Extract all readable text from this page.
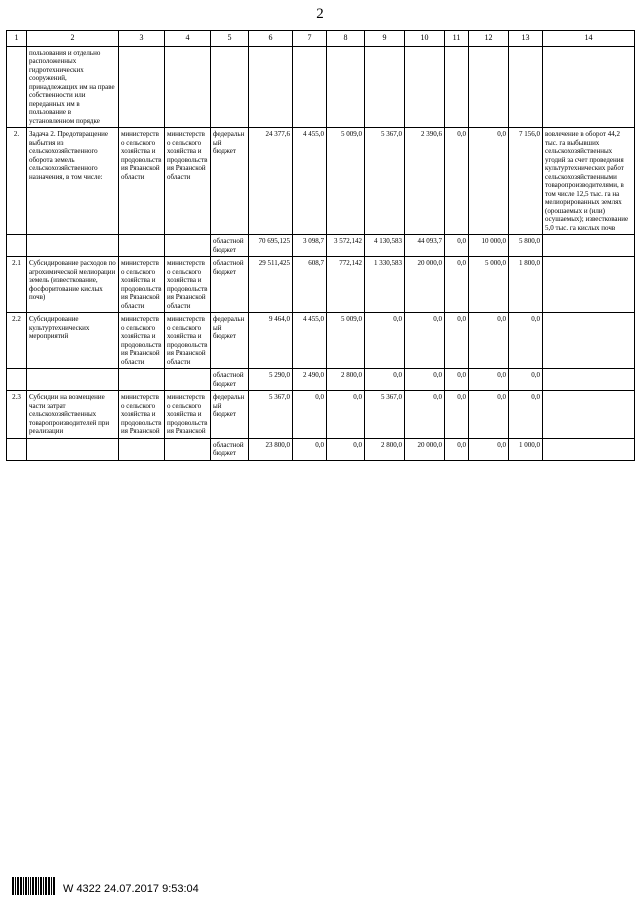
2
1	2	3	4	5	6	7	8	9	10	11	12	13	14
	пользования и отдельно расположенных гидротехнических сооружений, принадлежащих им на праве собственности или переданных им в пользование в установленном порядке												
2.	Задача 2. Предотвращение выбытия из сельскохозяйственного оборота земель сельскохозяйственного назначения, в том числе:	министерство сельского хозяйства и продовольствия Рязанской области	министерство сельского хозяйства и продовольствия Рязанской области	федеральный бюджет	24 377,6	4 455,0	5 009,0	5 367,0	2 390,6	0,0	0,0	7 156,0	вовлечение в оборот 44,2 тыс. га выбывших сельскохозяйственных угодий за счет проведения культуртехнических работ сельскохозяйственными товаропроизводителями, в том числе 12,5 тыс. га на мелиорированных землях (орошаемых и (или) осушаемых); известкование 5,0 тыс. га кислых почв
				областной бюджет	70 695,125	3 098,7	3 572,142	4 130,583	44 093,7	0,0	10 000,0	5 800,0	
2.1	Субсидирование расходов по агрохимической мелиорации земель (известкование, фосфоритование кислых почв)	министерство сельского хозяйства и продовольствия Рязанской области	министерство сельского хозяйства и продовольствия Рязанской области	областной бюджет	29 511,425	608,7	772,142	1 330,583	20 000,0	0,0	5 000,0	1 800,0	
2.2	Субсидирование культуртехнических мероприятий	министерство сельского хозяйства и продовольствия Рязанской области	министерство сельского хозяйства и продовольствия Рязанской области	федеральный бюджет	9 464,0	4 455,0	5 009,0	0,0	0,0	0,0	0,0	0,0	
				областной бюджет	5 290,0	2 490,0	2 800,0	0,0	0,0	0,0	0,0	0,0	
2.3	Субсидии на возмещение части затрат сельскохозяйственных товаропроизводителей при реализации	министерство сельского хозяйства и продовольствия Рязанской	министерство сельского хозяйства и продовольствия Рязанской	федеральный бюджет	5 367,0	0,0	0,0	5 367,0	0,0	0,0	0,0	0,0	
				областной бюджет	23 800,0	0,0	0,0	2 800,0	20 000,0	0,0	0,0	1 000,0	
W 4322 24.07.2017 9:53:04
